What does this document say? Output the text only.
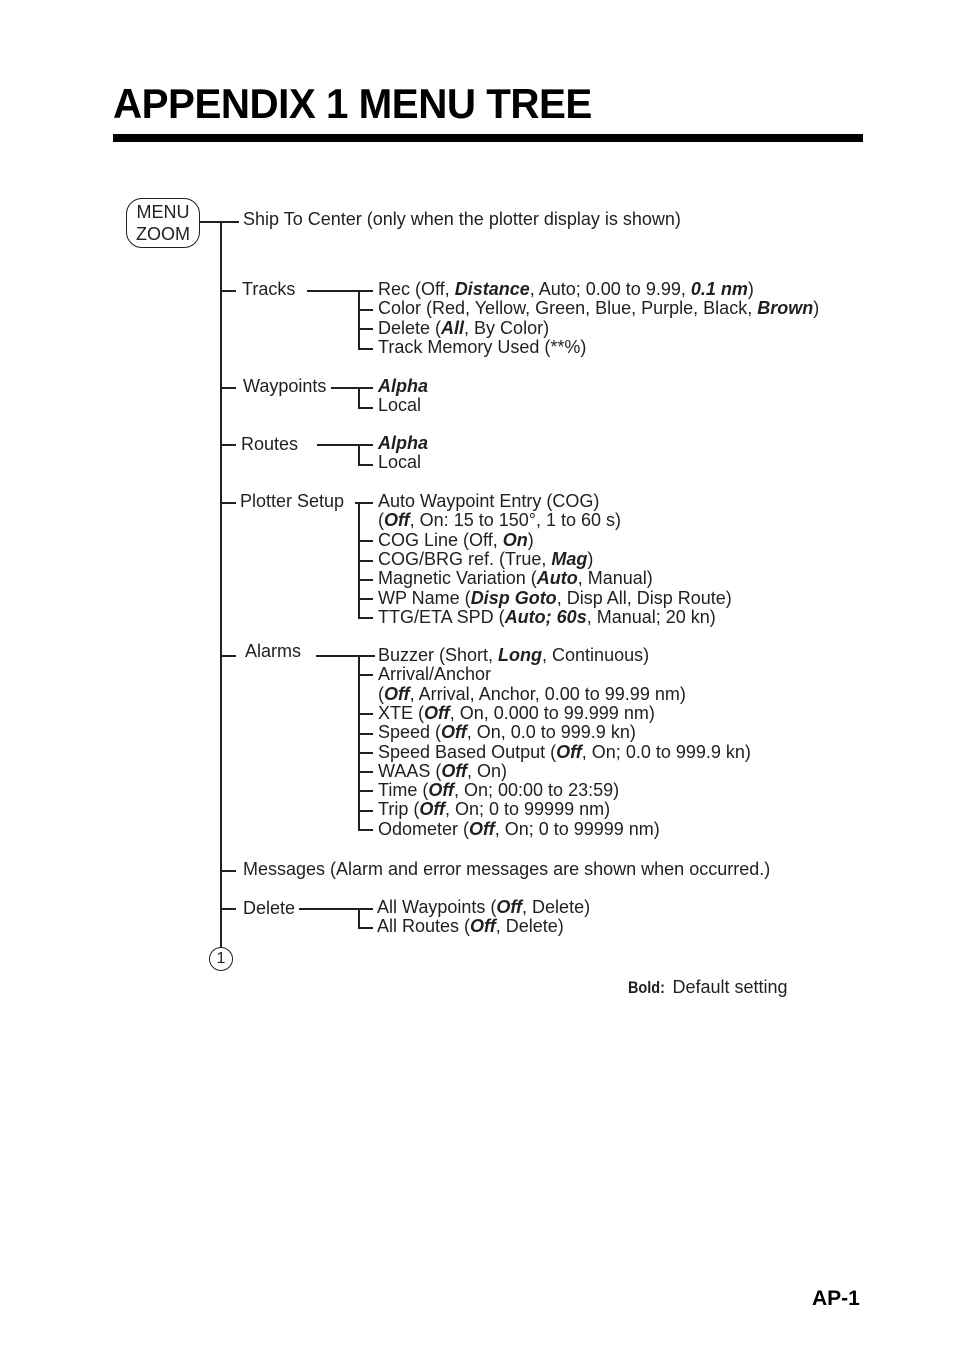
APPENDIX 1 MENU TREE
MENU
ZOOM
Ship To Center (only when the plotter display is shown)
Tracks
Waypoints
Routes
Plotter Setup
Alarms
Messages (Alarm and error messages are shown when occurred.)
Delete
1
Bold: Default setting
AP-1
Rec (Off, Distance, Auto; 0.00 to 9.99, 0.1 nm)
Color (Red, Yellow, Green, Blue, Purple, Black, Brown)
Delete (All, By Color)
Track Memory Used (**%)
Alpha
Local
Alpha
Local
Auto Waypoint Entry (COG)
(Off, On: 15 to 150°, 1 to 60 s)
COG Line (Off, On)
COG/BRG ref. (True, Mag)
Magnetic Variation (Auto, Manual)
WP Name (Disp Goto, Disp All, Disp Route)
TTG/ETA SPD (Auto; 60s, Manual; 20 kn)
Buzzer (Short, Long, Continuous)
Arrival/Anchor
(Off, Arrival, Anchor, 0.00 to 99.99 nm)
XTE (Off, On, 0.000 to 99.999 nm)
Speed (Off, On, 0.0 to 999.9 kn)
Speed Based Output (Off, On; 0.0 to 999.9 kn)
WAAS (Off, On)
Time (Off, On; 00:00 to 23:59)
Trip (Off, On; 0 to 99999 nm)
Odometer (Off, On; 0 to 99999 nm)
All Waypoints (Off, Delete)
All Routes (Off, Delete)
